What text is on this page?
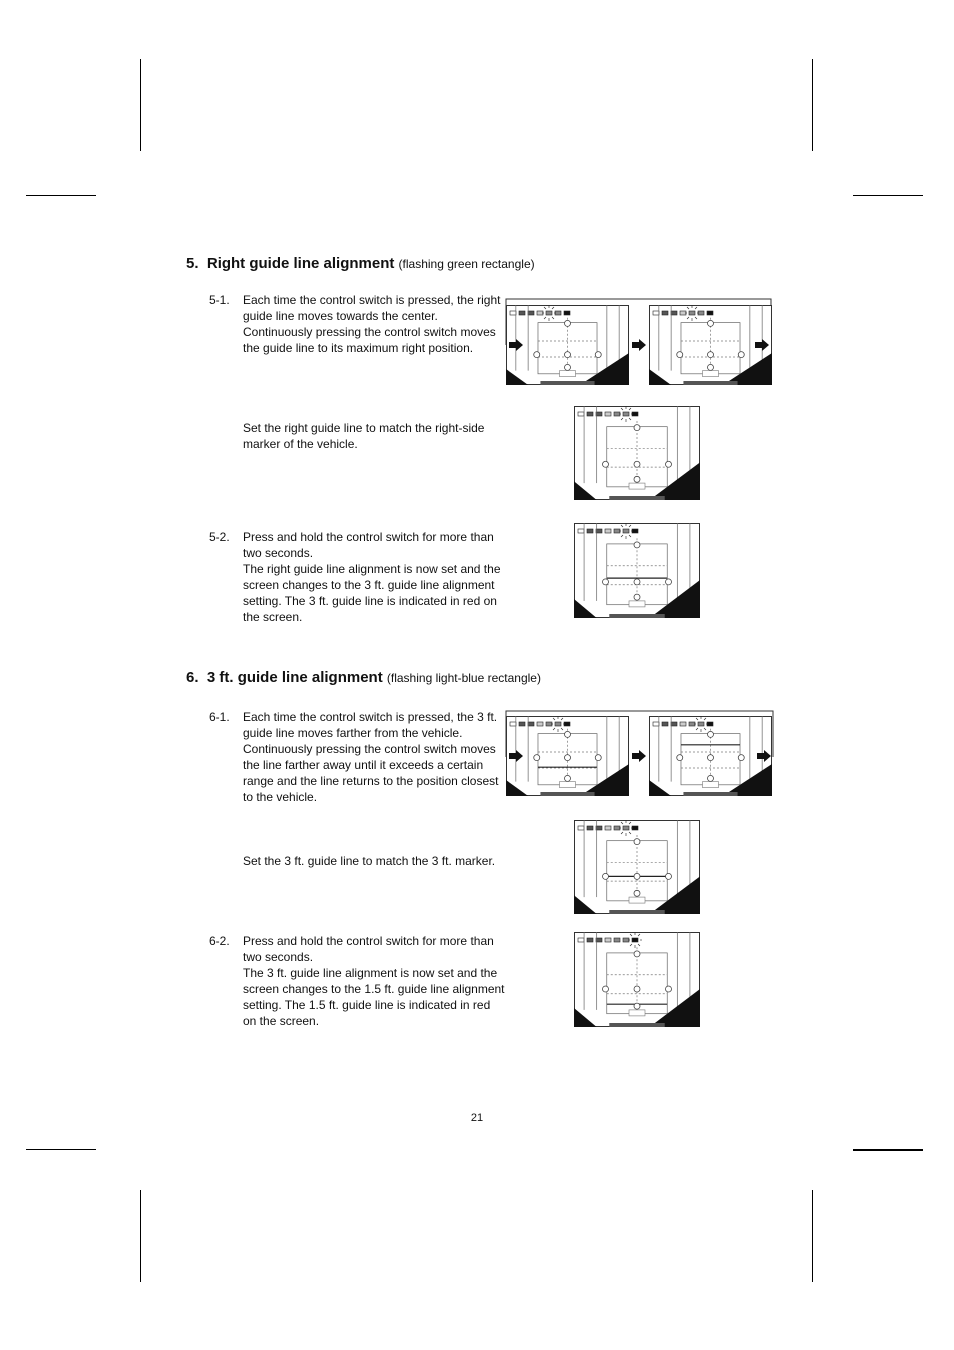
5. Right guide line alignment (flashing green rectangle)
5-1. Each time the control switch is pressed, the right guide line moves towards the center. Continuously pressing the control switch moves the guide line to its maximum right position.

Set the right guide line to match the right-side marker of the vehicle.

5-2. Press and hold the control switch for more than two seconds.

The right guide line alignment is now set and the screen changes to the 3 ft. guide line alignment setting. The 3 ft. guide line is indicated in red on the screen.

6. 3 ft. guide line alignment (flashing light-blue rectangle)
6-1. Each time the control switch is pressed, the 3 ft. guide line moves farther from the vehicle.

Continuously pressing the control switch moves the line farther away until it exceeds a certain range and the line returns to the position closest to the vehicle.

Set the 3 ft. guide line to match the 3 ft. marker.

6-2. Press and hold the control switch for more than two seconds.

The 3 ft. guide line alignment is now set and the screen changes to the 1.5 ft. guide line alignment setting. The 1.5 ft. guide line is indicated in red on the screen.

21
